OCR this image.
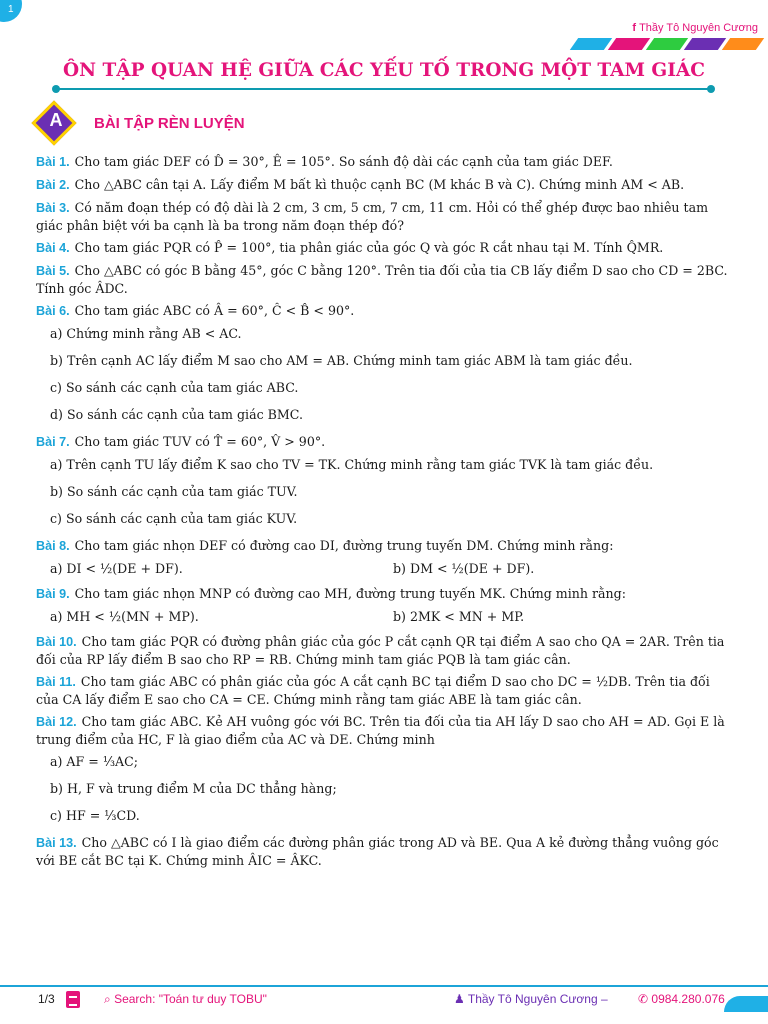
1
f Thầy Tô Nguyên Cương
ÔN TẬP QUAN HỆ GIỮA CÁC YẾU TỐ TRONG MỘT TAM GIÁC
A	BÀI TẬP RÈN LUYỆN

Bài 1. Cho tam giác DEF có D̂ = 30°, Ê = 105°. So sánh độ dài các cạnh của tam giác DEF.

Bài 2. Cho △ABC cân tại A. Lấy điểm M bất kì thuộc cạnh BC (M khác B và C). Chứng minh AM < AB.

Bài 3. Có năm đoạn thép có độ dài là 2 cm, 3 cm, 5 cm, 7 cm, 11 cm. Hỏi có thể ghép được bao nhiêu tam giác phân biệt với ba cạnh là ba trong năm đoạn thép đó?

Bài 4. Cho tam giác PQR có P̂ = 100°, tia phân giác của góc Q và góc R cắt nhau tại M. Tính Q̂MR.

Bài 5. Cho △ABC có góc B bằng 45°, góc C bằng 120°. Trên tia đối của tia CB lấy điểm D sao cho CD = 2BC. Tính góc ÂDC.

Bài 6. Cho tam giác ABC có Â = 60°, Ĉ < B̂ < 90°.

a) Chứng minh rằng AB < AC.
b) Trên cạnh AC lấy điểm M sao cho AM = AB. Chứng minh tam giác ABM là tam giác đều.
c) So sánh các cạnh của tam giác ABC.
d) So sánh các cạnh của tam giác BMC.

Bài 7. Cho tam giác TUV có T̂ = 60°, V̂ > 90°.

a) Trên cạnh TU lấy điểm K sao cho TV = TK. Chứng minh rằng tam giác TVK là tam giác đều.
b) So sánh các cạnh của tam giác TUV.
c) So sánh các cạnh của tam giác KUV.

Bài 8. Cho tam giác nhọn DEF có đường cao DI, đường trung tuyến DM. Chứng minh rằng:

a) DI < ½(DE + DF).	b) DM < ½(DE + DF).

Bài 9. Cho tam giác nhọn MNP có đường cao MH, đường trung tuyến MK. Chứng minh rằng:

a) MH < ½(MN + MP).	b) 2MK < MN + MP.

Bài 10. Cho tam giác PQR có đường phân giác của góc P cắt cạnh QR tại điểm A sao cho QA = 2AR. Trên tia đối của RP lấy điểm B sao cho RP = RB. Chứng minh tam giác PQB là tam giác cân.

Bài 11. Cho tam giác ABC có phân giác của góc A cắt cạnh BC tại điểm D sao cho DC = ½DB. Trên tia đối của CA lấy điểm E sao cho CA = CE. Chứng minh rằng tam giác ABE là tam giác cân.

Bài 12. Cho tam giác ABC. Kẻ AH vuông góc với BC. Trên tia đối của tia AH lấy D sao cho AH = AD. Gọi E là trung điểm của HC, F là giao điểm của AC và DE. Chứng minh

a) AF = ⅓AC;
b) H, F và trung điểm M của DC thẳng hàng;
c) HF = ⅓CD.

Bài 13. Cho △ABC có I là giao điểm các đường phân giác trong AD và BE. Qua A kẻ đường thẳng vuông góc với BE cắt BC tại K. Chứng minh ÂIC = ÂKC.

1/3	⌕ Search: "Toán tư duy TOBU"	♟ Thầy Tô Nguyên Cương –	✆ 0984.280.076
